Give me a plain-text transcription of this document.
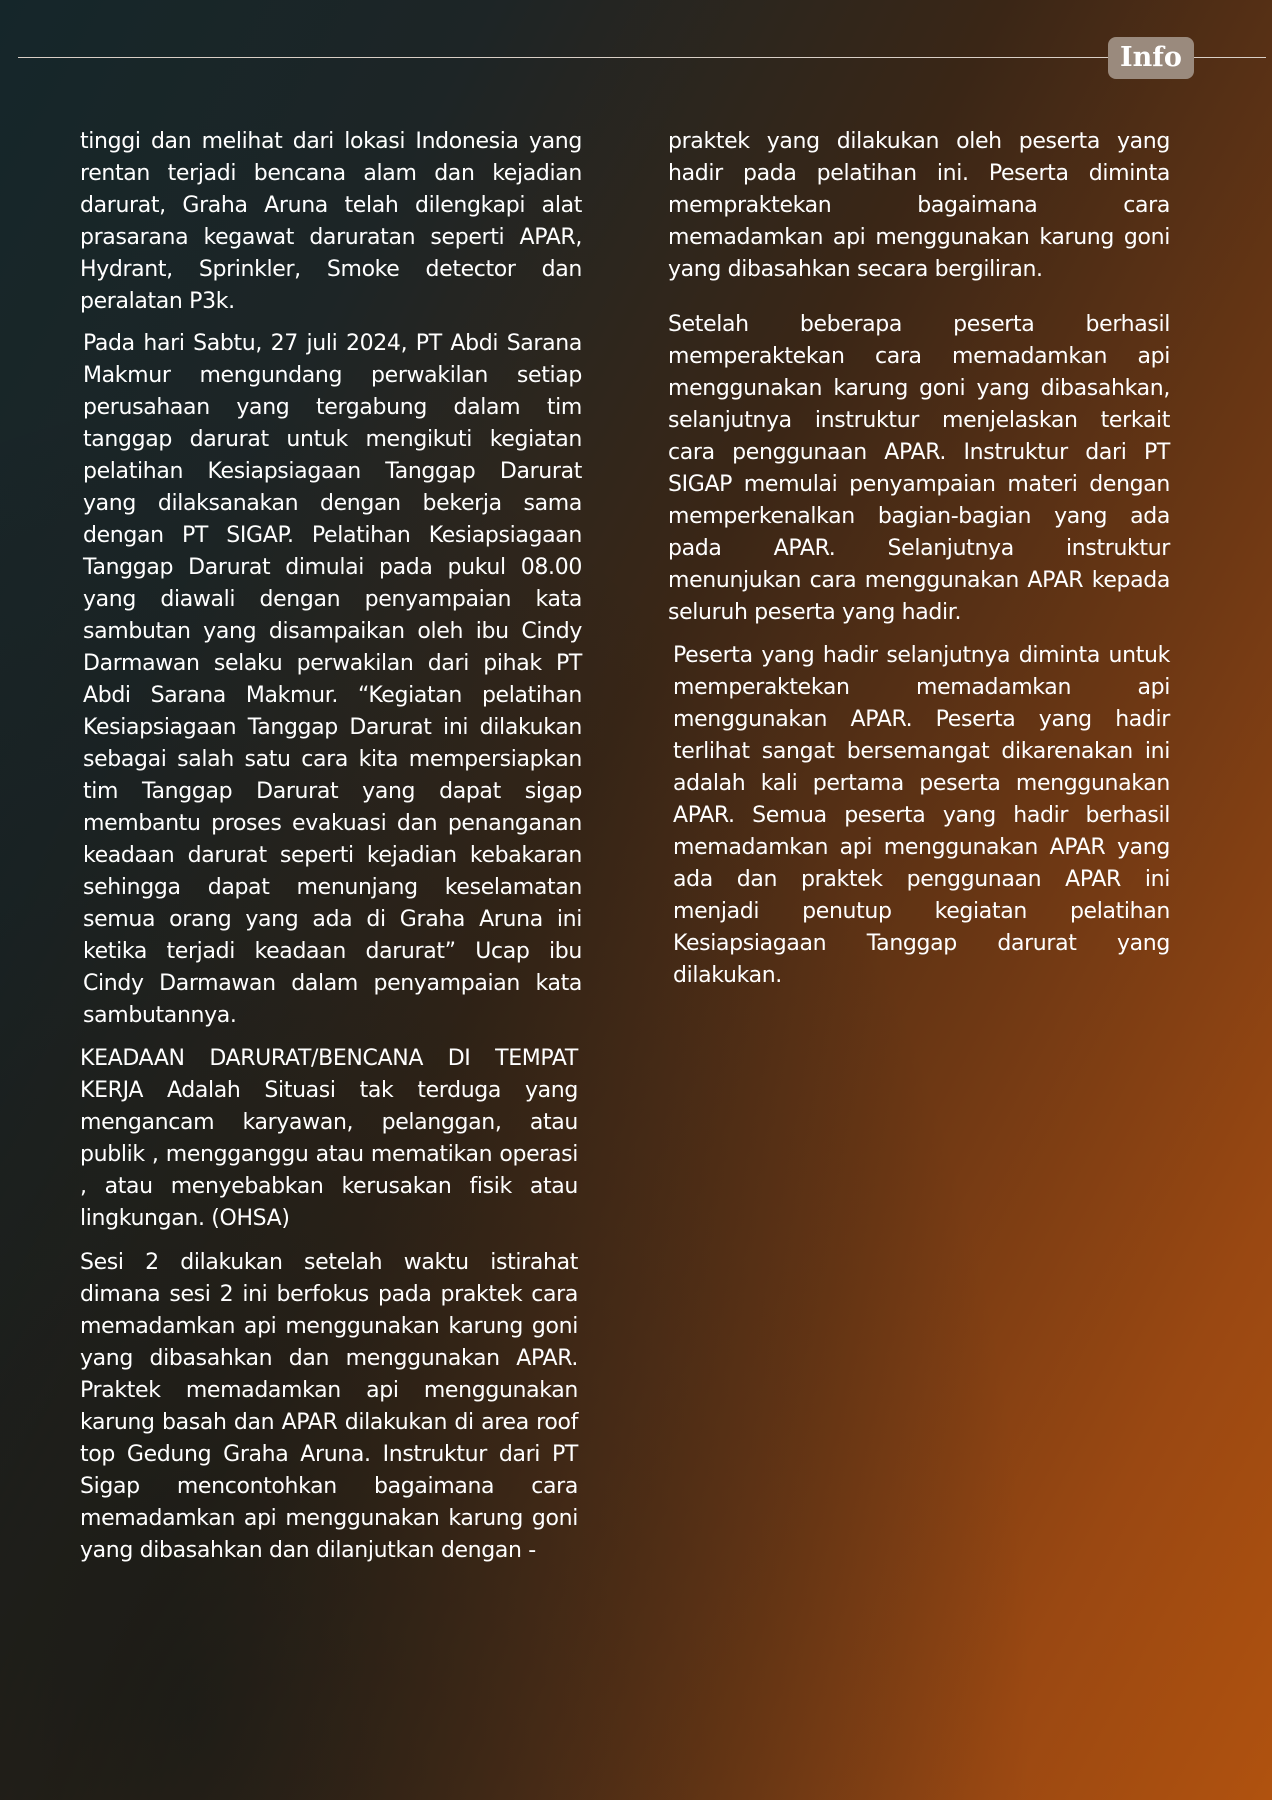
Info

tinggi dan melihat dari lokasi Indonesia yang rentan terjadi bencana alam dan kejadian darurat, Graha Aruna telah dilengkapi alat prasarana kegawat daruratan seperti APAR, Hydrant, Sprinkler, Smoke detector dan peralatan P3k.

Pada hari Sabtu, 27 juli 2024, PT Abdi Sarana Makmur mengundang perwakilan setiap perusahaan yang tergabung dalam tim tanggap darurat untuk mengikuti kegiatan pelatihan Kesiapsiagaan Tanggap Darurat yang dilaksanakan dengan bekerja sama dengan PT SIGAP. Pelatihan Kesiapsiagaan Tanggap Darurat dimulai pada pukul 08.00 yang diawali dengan penyampaian kata sambutan yang disampaikan oleh ibu Cindy Darmawan selaku perwakilan dari pihak PT Abdi Sarana Makmur. “Kegiatan pelatihan Kesiapsiagaan Tanggap Darurat ini dilakukan sebagai salah satu cara kita mempersiapkan tim Tanggap Darurat yang dapat sigap membantu proses evakuasi dan penanganan keadaan darurat seperti kejadian kebakaran sehingga dapat menunjang keselamatan semua orang yang ada di Graha Aruna ini ketika terjadi keadaan darurat” Ucap ibu Cindy Darmawan dalam penyampaian kata sambutannya.

KEADAAN DARURAT/BENCANA DI TEMPAT KERJA Adalah Situasi tak terduga yang mengancam karyawan, pelanggan, atau publik , mengganggu atau mematikan operasi , atau menyebabkan kerusakan fisik atau lingkungan. (OHSA)

Sesi 2 dilakukan setelah waktu istirahat dimana sesi 2 ini berfokus pada praktek cara memadamkan api menggunakan karung goni yang dibasahkan dan menggunakan APAR. Praktek memadamkan api menggunakan karung basah dan APAR dilakukan di area roof top Gedung Graha Aruna. Instruktur dari PT Sigap mencontohkan bagaimana cara memadamkan api menggunakan karung goni yang dibasahkan dan dilanjutkan dengan -

praktek yang dilakukan oleh peserta yang hadir pada pelatihan ini. Peserta diminta mempraktekan bagaimana cara memadamkan api menggunakan karung goni yang dibasahkan secara bergiliran.

Setelah beberapa peserta berhasil memperaktekan cara memadamkan api menggunakan karung goni yang dibasahkan, selanjutnya instruktur menjelaskan terkait cara penggunaan APAR. Instruktur dari PT SIGAP memulai penyampaian materi dengan memperkenalkan bagian-bagian yang ada pada APAR. Selanjutnya instruktur menunjukan cara menggunakan APAR kepada seluruh peserta yang hadir.

Peserta yang hadir selanjutnya diminta untuk memperaktekan memadamkan api menggunakan APAR. Peserta yang hadir terlihat sangat bersemangat dikarenakan ini adalah kali pertama peserta menggunakan APAR. Semua peserta yang hadir berhasil memadamkan api menggunakan APAR yang ada dan praktek penggunaan APAR ini menjadi penutup kegiatan pelatihan Kesiapsiagaan Tanggap darurat yang dilakukan.
